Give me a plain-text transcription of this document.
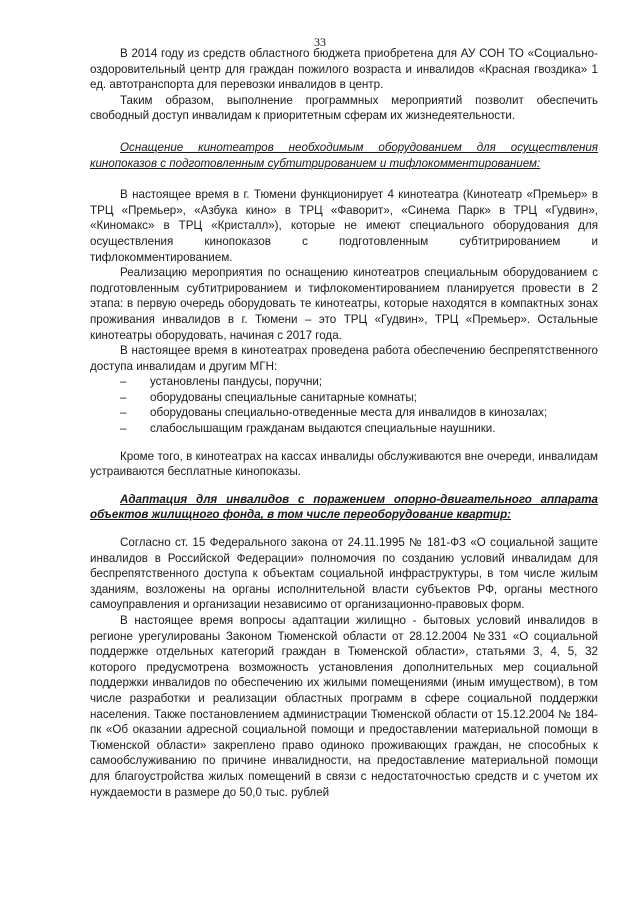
33

В 2014 году из средств областного бюджета приобретена для АУ СОН ТО «Социально-оздоровительный центр для граждан пожилого возраста и инвалидов «Красная гвоздика» 1 ед. автотранспорта для перевозки инвалидов в центр.

Таким образом, выполнение программных мероприятий позволит обеспечить свободный доступ инвалидам к приоритетным сферам их жизнедеятельности.

Оснащение кинотеатров необходимым оборудованием для осуществления кинопоказов с подготовленным субтитрированием и тифлокомментированием:

В настоящее время в г. Тюмени функционирует 4 кинотеатра (Кинотеатр «Премьер» в ТРЦ «Премьер», «Азбука кино» в ТРЦ «Фаворит», «Синема Парк» в ТРЦ «Гудвин», «Киномакс» в ТРЦ «Кристалл»), которые не имеют специального оборудования для осуществления кинопоказов с подготовленным субтитрированием и тифлокомментированием.

Реализацию мероприятия по оснащению кинотеатров специальным оборудованием с подготовленным субтитрированием и тифлокоментированием планируется провести в 2 этапа: в первую очередь оборудовать те кинотеатры, которые находятся в компактных зонах проживания инвалидов в г. Тюмени – это ТРЦ «Гудвин», ТРЦ «Премьер». Остальные кинотеатры оборудовать, начиная с 2017 года.

В настоящее время в кинотеатрах проведена работа обеспечению беспрепятственного доступа инвалидам и другим МГН:

– установлены пандусы, поручни;
– оборудованы специальные санитарные комнаты;
– оборудованы специально-отведенные места для инвалидов в кинозалах;
– слабослышащим гражданам выдаются специальные наушники.

Кроме того, в кинотеатрах на кассах инвалиды обслуживаются вне очереди, инвалидам устраиваются бесплатные кинопоказы.

Адаптация для инвалидов с поражением опорно-двигательного аппарата объектов жилищного фонда, в том числе переоборудование квартир:

Согласно ст. 15 Федерального закона от 24.11.1995 № 181-ФЗ «О социальной защите инвалидов в Российской Федерации» полномочия по созданию условий инвалидам для беспрепятственного доступа к объектам социальной инфраструктуры, в том числе жилым зданиям, возложены на органы исполнительной власти субъектов РФ, органы местного самоуправления и организации независимо от организационно-правовых форм.

В настоящее время вопросы адаптации жилищно - бытовых условий инвалидов в регионе урегулированы Законом Тюменской области от 28.12.2004 №331 «О социальной поддержке отдельных категорий граждан в Тюменской области», статьями 3, 4, 5, 32 которого предусмотрена возможность установления дополнительных мер социальной поддержки инвалидов по обеспечению их жилыми помещениями (иным имуществом), в том числе разработки и реализации областных программ в сфере социальной поддержки населения. Также постановлением администрации Тюменской области от 15.12.2004 № 184-пк «Об оказании адресной социальной помощи и предоставлении материальной помощи в Тюменской области» закреплено право одиноко проживающих граждан, не способных к самообслуживанию по причине инвалидности, на предоставление материальной помощи для благоустройства жилых помещений в связи с недостаточностью средств и с учетом их нуждаемости в размере до 50,0 тыс. рублей
